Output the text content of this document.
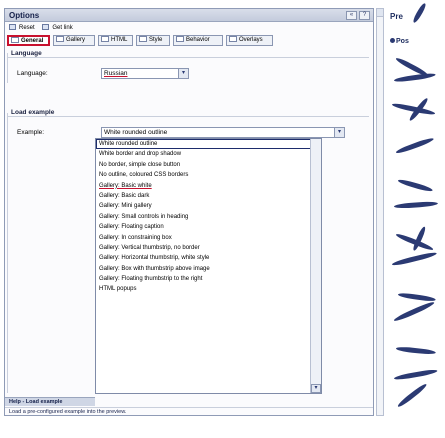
Pre
Pos
Options	«	?
Reset	Get link
General	Gallery	HTML	Style	Behavior	Overlays
Language
Language:	Russian	▾
Load example
Example:	White rounded outline	▾
Help - Load example
Load a pre-configured example into the preview.
White rounded outline
White border and drop shadow
No border, simple close button
No outline, coloured CSS borders
Gallery: Basic white
Gallery: Basic dark
Gallery: Mini gallery
Gallery: Small controls in heading
Gallery: Floating caption
Gallery: In constraining box
Gallery: Vertical thumbstrip, no border
Gallery: Horizontal thumbstrip, white style
Gallery: Box with thumbstrip above image
Gallery: Floating thumbstrip to the right
HTML popups
▾
